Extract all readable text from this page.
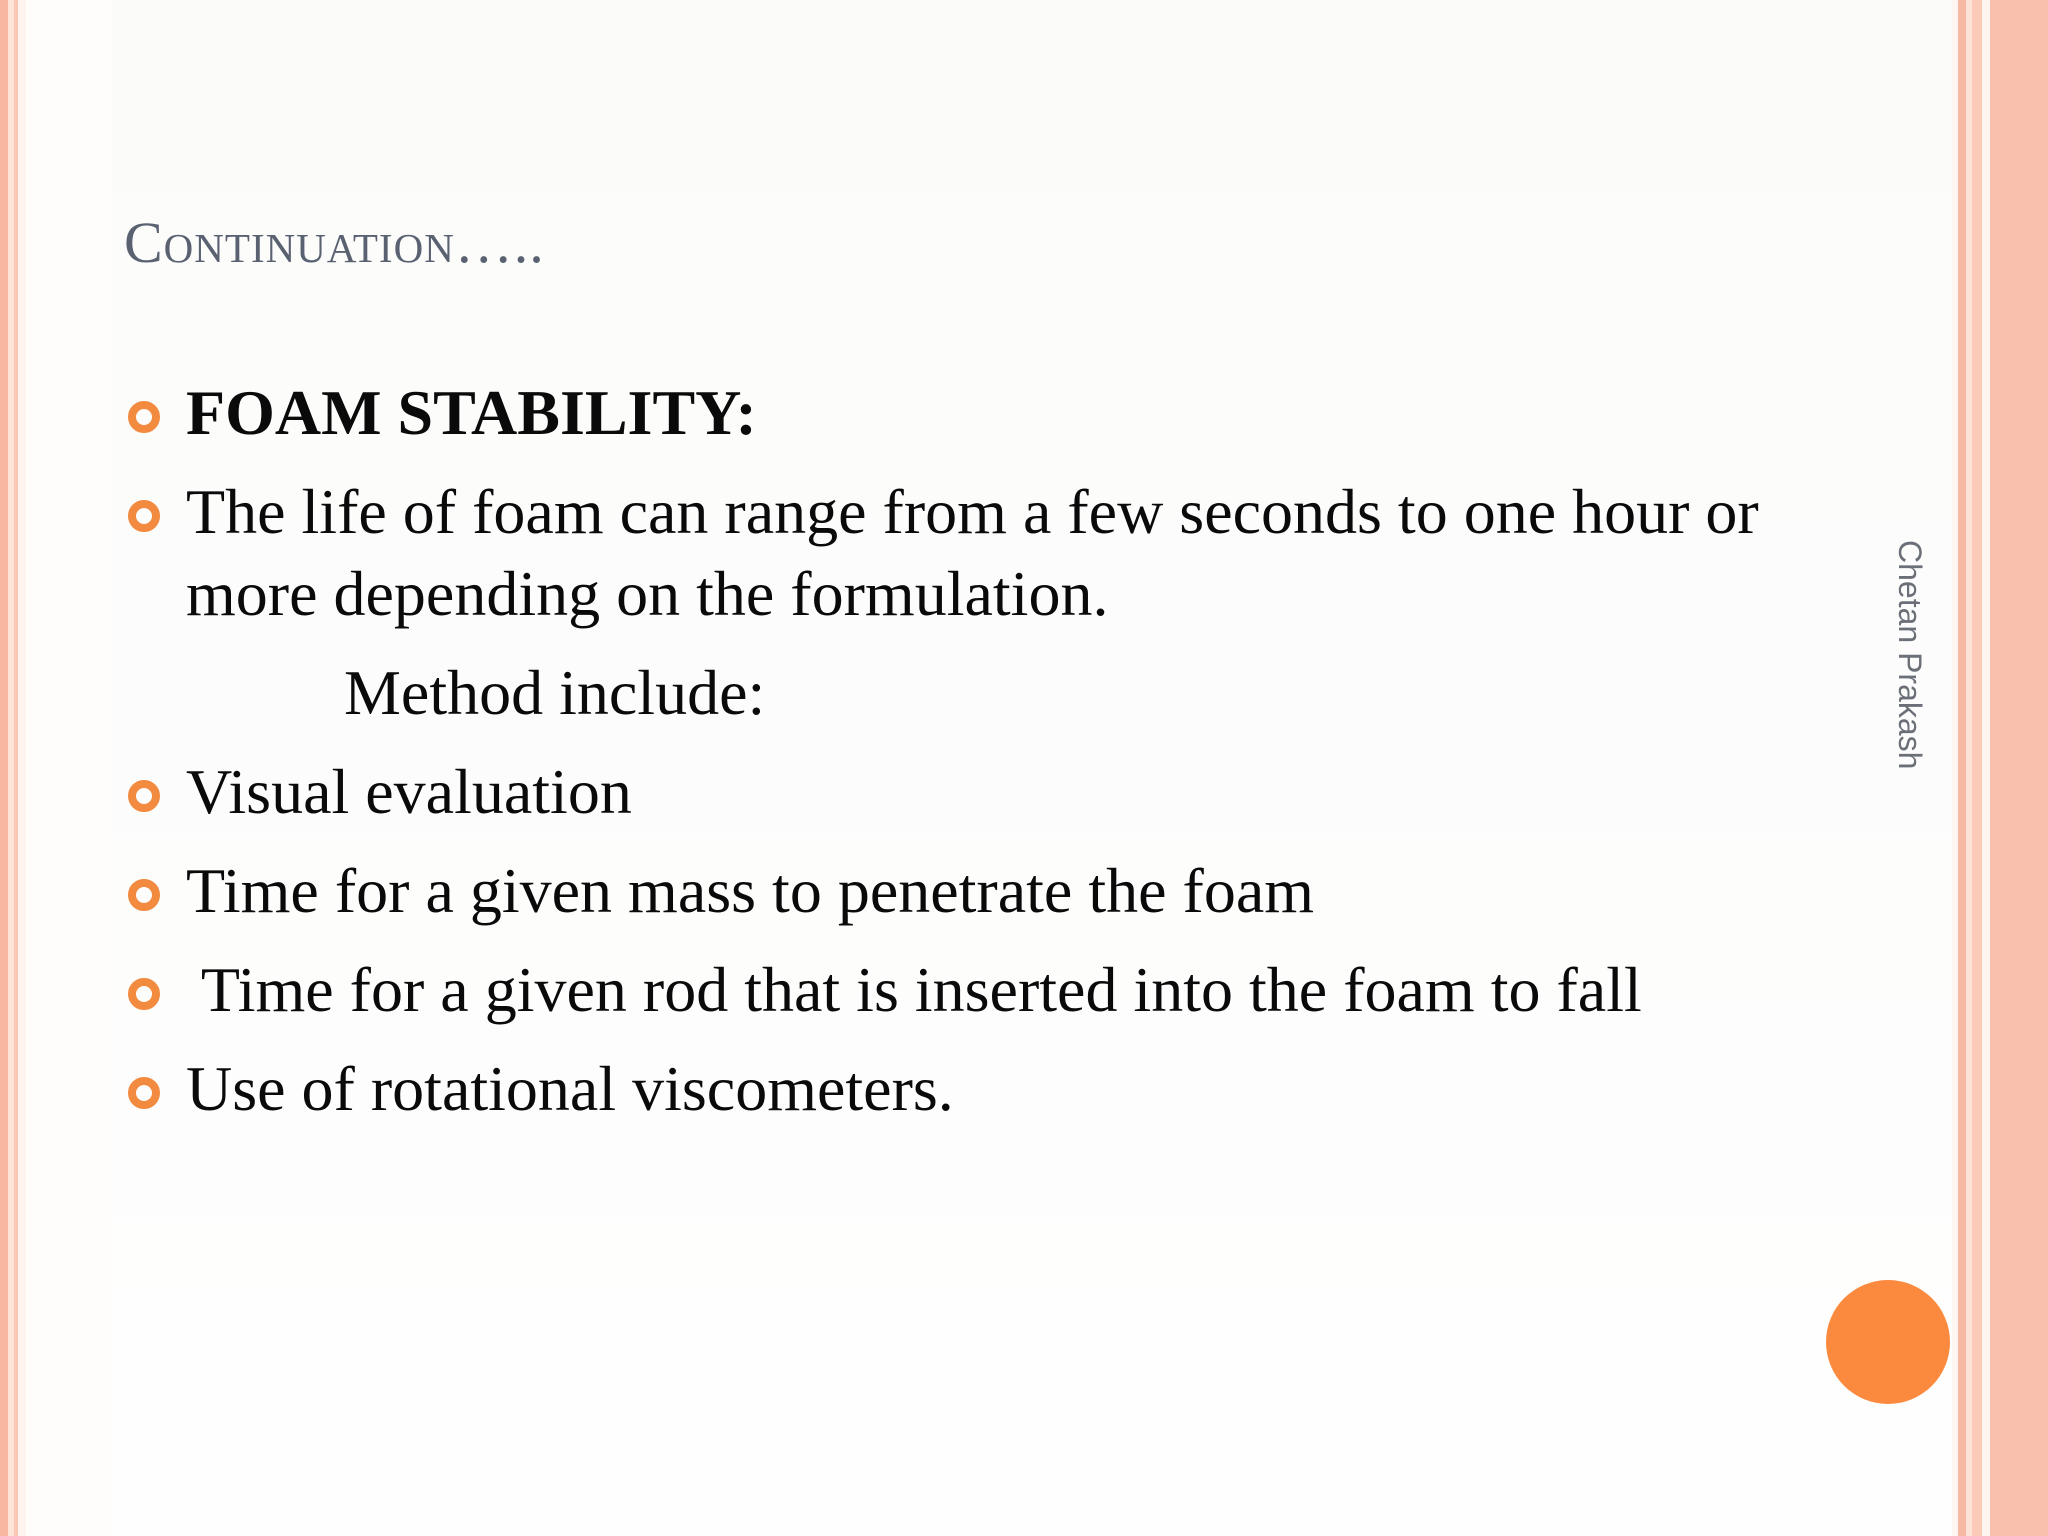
Continuation…..
FOAM STABILITY:
The life of foam can range from a few seconds to one hour or more depending on the formulation.
Method include:
Visual evaluation
Time for a given mass to penetrate the foam
Time for a given rod that is inserted into the foam to fall
Use of rotational viscometers.
Chetan Prakash
